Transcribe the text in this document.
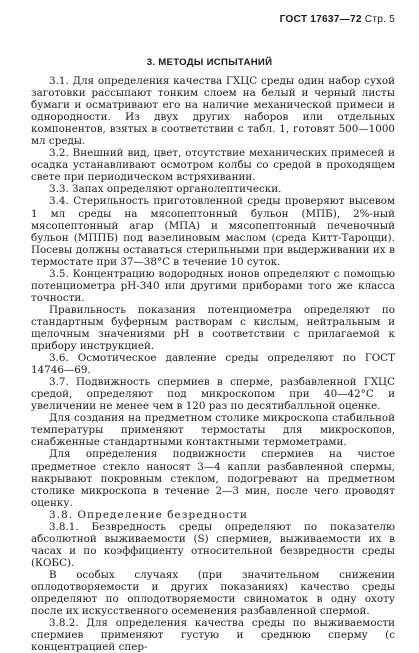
ГОСТ 17637—72 Стр. 5
3. МЕТОДЫ ИСПЫТАНИЙ

3.1. Для определения качества ГХЦС среды один набор сухой заготовки рассыпают тонким слоем на белый и черный листы бумаги и осматривают его на наличие механической примеси и однородности. Из двух других наборов или отдельных компонентов, взятых в соответствии с табл. 1, готовят 500—1000 мл среды.

3.2. Внешний вид, цвет, отсутствие механических примесей и осадка устанавливают осмотром колбы со средой в проходящем свете при периодическом встряхивании.

3.3. Запах определяют органолептически.

3.4. Стерильность приготовленной среды проверяют высевом 1 мл среды на мясопептонный бульон (МПБ), 2%-ный мясопептонный агар (МПА) и мясопептонный печеночный бульон (МППБ) под вазелиновым маслом (среда Китт-Тароцци). Посевы должны оставаться стерильными при выдерживании их в термостате при 37—38°С в течение 10 суток.

3.5. Концентрацию водородных ионов определяют с помощью потенциометра рН-340 или другими приборами того же класса точности.

Правильность показания потенциометра определяют по стандартным буферным растворам с кислым, нейтральным и щелочным значениями рН в соответствии с прилагаемой к прибору инструкцией.

3.6. Осмотическое давление среды определяют по ГОСТ 14746—69.

3.7. Подвижность спермиев в сперме, разбавленной ГХЦС средой, определяют под микроскопом при 40—42°С и увеличении не менее чем в 120 раз по десятибалльной оценке.

Для создания на предметном столике микроскопа стабильной температуры применяют термостаты для микроскопов, снабженные стандартными контактными термометрами.

Для определения подвижности спермиев на чистое предметное стекло наносят 3—4 капли разбавленной спермы, накрывают покровным стеклом, подогревают на предметном столике микроскопа в течение 2—3 мин, после чего проводят оценку.

3.8. Определение безредности

3.8.1. Безвредность среды определяют по показателю абсолютной выживаемости (S) спермиев, выживаемости их в часах и по коэффициенту относительной безвредности среды (КОБС).

В особых случаях (при значительном снижении оплодотворяемости и других показаниях) качество среды определяют по оплодотворяемости свиноматок в одну охоту после их искусственного осеменения разбавленной спермой.

3.8.2. Для определения качества среды по выживаемости спермиев применяют густую и среднюю сперму (с концентрацией спер-
